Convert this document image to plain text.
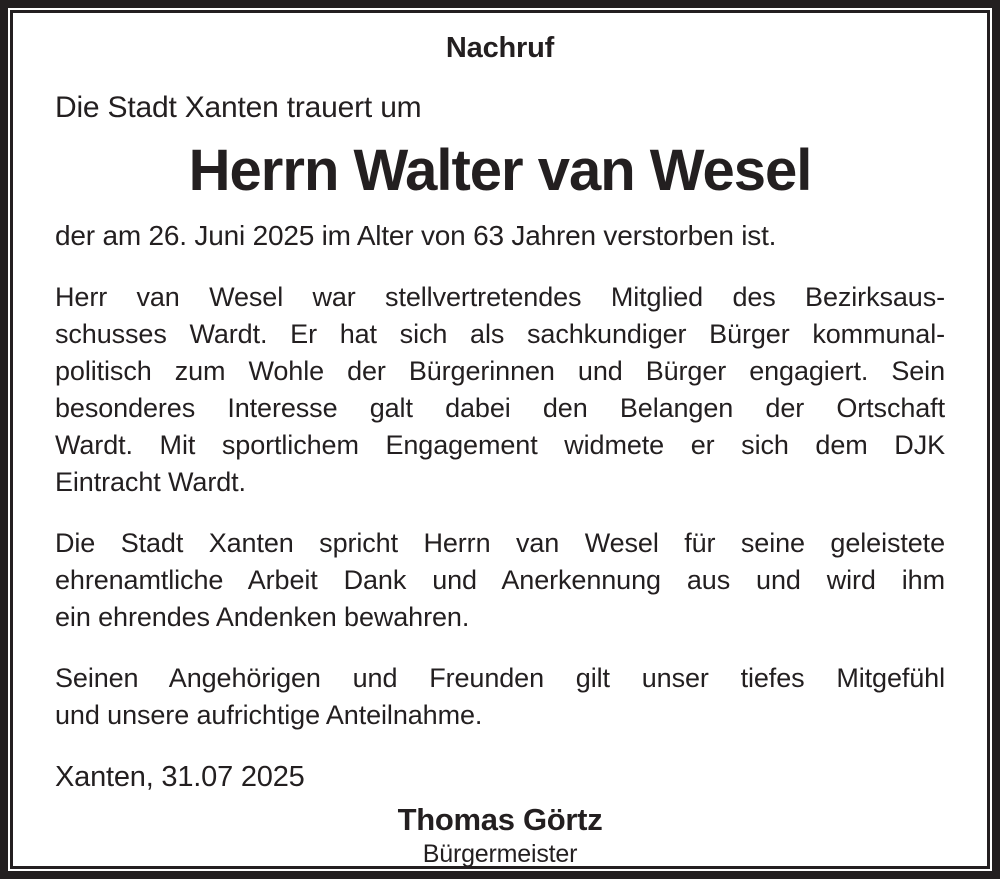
Nachruf
Die Stadt Xanten trauert um
Herrn Walter van Wesel
der am 26. Juni 2025 im Alter von 63 Jahren verstorben ist.
Herr van Wesel war stellvertretendes Mitglied des Bezirksaus-
schusses Wardt. Er hat sich als sachkundiger Bürger kommunal-
politisch zum Wohle der Bürgerinnen und Bürger engagiert. Sein
besonderes Interesse galt dabei den Belangen der Ortschaft
Wardt. Mit sportlichem Engagement widmete er sich dem DJK
Eintracht Wardt.
Die Stadt Xanten spricht Herrn van Wesel für seine geleistete
ehrenamtliche Arbeit Dank und Anerkennung aus und wird ihm
ein ehrendes Andenken bewahren.
Seinen Angehörigen und Freunden gilt unser tiefes Mitgefühl
und unsere aufrichtige Anteilnahme.
Xanten, 31.07 2025
Thomas Görtz
Bürgermeister
